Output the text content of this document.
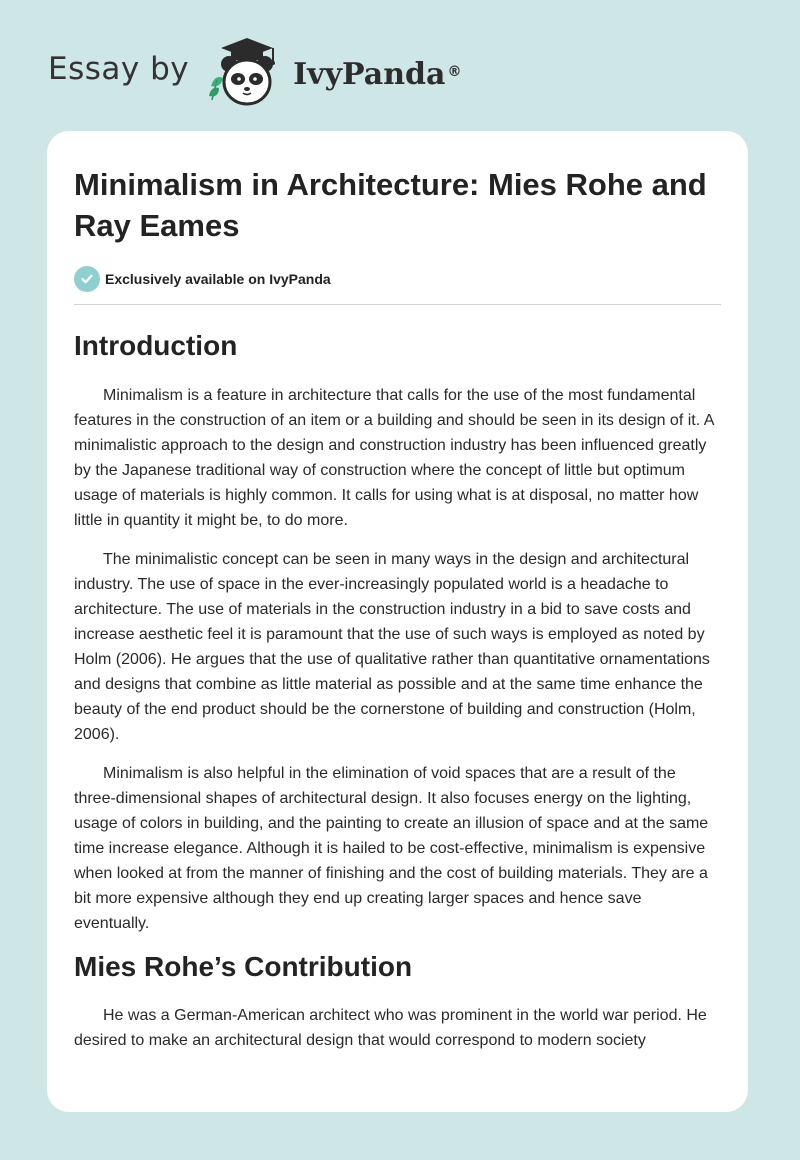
Essay by	IvyPanda ®
Minimalism in Architecture: Mies Rohe and Ray Eames
Exclusively available on IvyPanda
Introduction

Minimalism is a feature in architecture that calls for the use of the most fundamental features in the construction of an item or a building and should be seen in its design of it. A minimalistic approach to the design and construction industry has been influenced greatly by the Japanese traditional way of construction where the concept of little but optimum usage of materials is highly common. It calls for using what is at disposal, no matter how little in quantity it might be, to do more.

The minimalistic concept can be seen in many ways in the design and architectural industry. The use of space in the ever-increasingly populated world is a headache to architecture. The use of materials in the construction industry in a bid to save costs and increase aesthetic feel it is paramount that the use of such ways is employed as noted by Holm (2006). He argues that the use of qualitative rather than quantitative ornamentations and designs that combine as little material as possible and at the same time enhance the beauty of the end product should be the cornerstone of building and construction (Holm, 2006).

Minimalism is also helpful in the elimination of void spaces that are a result of the three-dimensional shapes of architectural design. It also focuses energy on the lighting, usage of colors in building, and the painting to create an illusion of space and at the same time increase elegance. Although it is hailed to be cost-effective, minimalism is expensive when looked at from the manner of finishing and the cost of building materials. They are a bit more expensive although they end up creating larger spaces and hence save eventually.

Mies Rohe’s Contribution

He was a German-American architect who was prominent in the world war period. He desired to make an architectural design that would correspond to modern society
